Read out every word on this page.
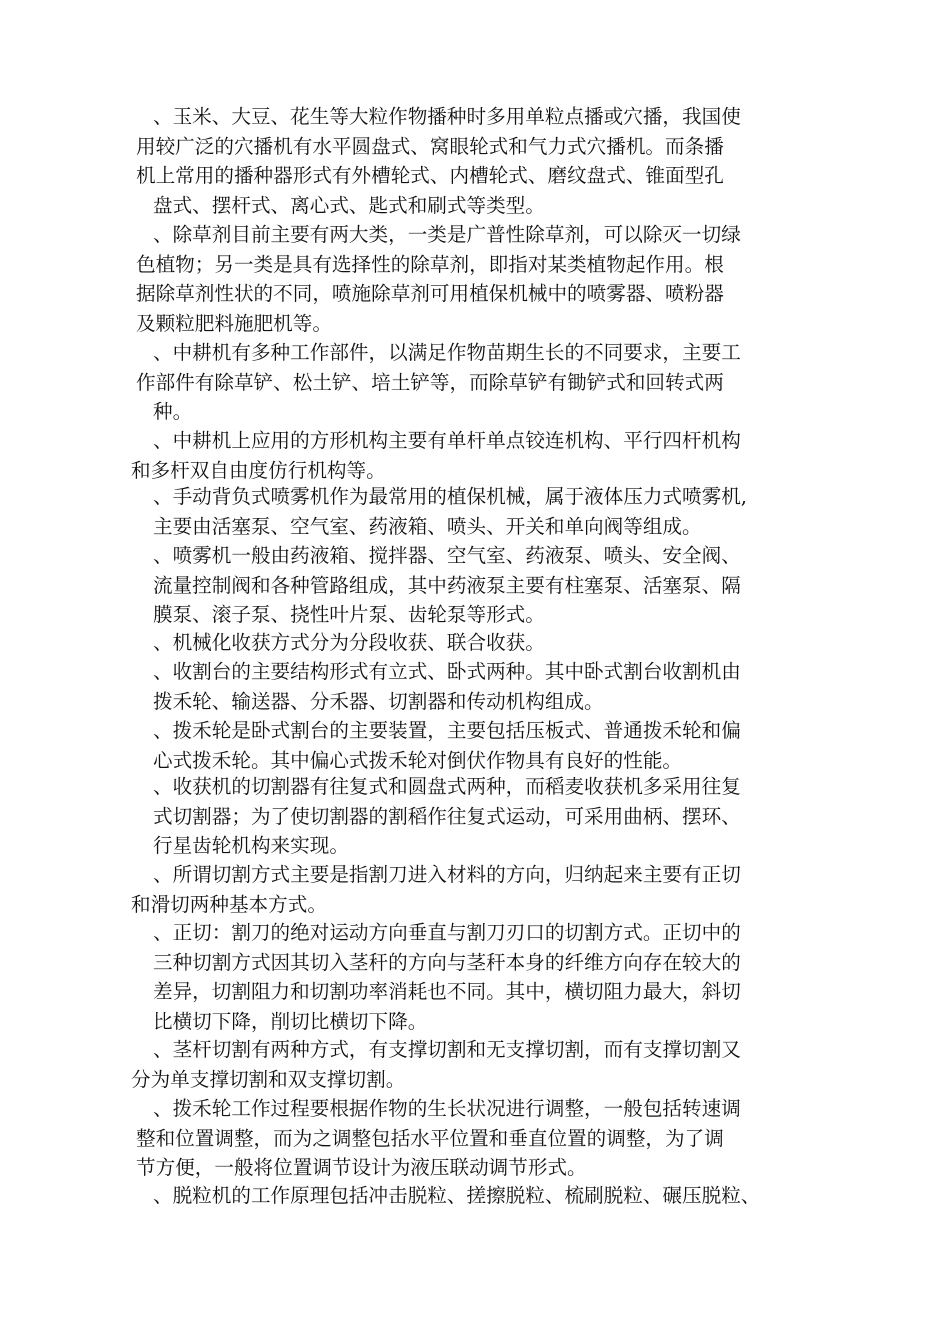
、玉米、大豆、花生等大粒作物播种时多用单粒点播或穴播，我国使
用较广泛的穴播机有水平圆盘式、窝眼轮式和气力式穴播机。而条播
机上常用的播种器形式有外槽轮式、内槽轮式、磨纹盘式、锥面型孔
盘式、摆杆式、离心式、匙式和刷式等类型。
、除草剂目前主要有两大类，一类是广普性除草剂，可以除灭一切绿
色植物；另一类是具有选择性的除草剂，即指对某类植物起作用。根
据除草剂性状的不同，喷施除草剂可用植保机械中的喷雾器、喷粉器
及颗粒肥料施肥机等。
、中耕机有多种工作部件，以满足作物苗期生长的不同要求，主要工
作部件有除草铲、松土铲、培土铲等，而除草铲有锄铲式和回转式两
种。
、中耕机上应用的方形机构主要有单杆单点铰连机构、平行四杆机构
和多杆双自由度仿行机构等。
、手动背负式喷雾机作为最常用的植保机械，属于液体压力式喷雾机,
主要由活塞泵、空气室、药液箱、喷头、开关和单向阀等组成。
、喷雾机一般由药液箱、搅拌器、空气室、药液泵、喷头、安全阀、
流量控制阀和各种管路组成，其中药液泵主要有柱塞泵、活塞泵、隔
膜泵、滚子泵、挠性叶片泵、齿轮泵等形式。
、机械化收获方式分为分段收获、联合收获。
、收割台的主要结构形式有立式、卧式两种。其中卧式割台收割机由
拨禾轮、输送器、分禾器、切割器和传动机构组成。
、拨禾轮是卧式割台的主要装置，主要包括压板式、普通拨禾轮和偏
心式拨禾轮。其中偏心式拨禾轮对倒伏作物具有良好的性能。
、收获机的切割器有往复式和圆盘式两种，而稻麦收获机多采用往复
式切割器；为了使切割器的割稻作往复式运动，可采用曲柄、摆环、
行星齿轮机构来实现。
、所谓切割方式主要是指割刀进入材料的方向，归纳起来主要有正切
和滑切两种基本方式。
、正切：割刀的绝对运动方向垂直与割刀刃口的切割方式。正切中的
三种切割方式因其切入茎秆的方向与茎秆本身的纤维方向存在较大的
差异，切割阻力和切割功率消耗也不同。其中，横切阻力最大，斜切
比横切下降，削切比横切下降。
、茎杆切割有两种方式，有支撑切割和无支撑切割，而有支撑切割又
分为单支撑切割和双支撑切割。
、拨禾轮工作过程要根据作物的生长状况进行调整，一般包括转速调
整和位置调整，而为之调整包括水平位置和垂直位置的调整，为了调
节方便，一般将位置调节设计为液压联动调节形式。
、脱粒机的工作原理包括冲击脱粒、搓擦脱粒、梳刷脱粒、碾压脱粒、
